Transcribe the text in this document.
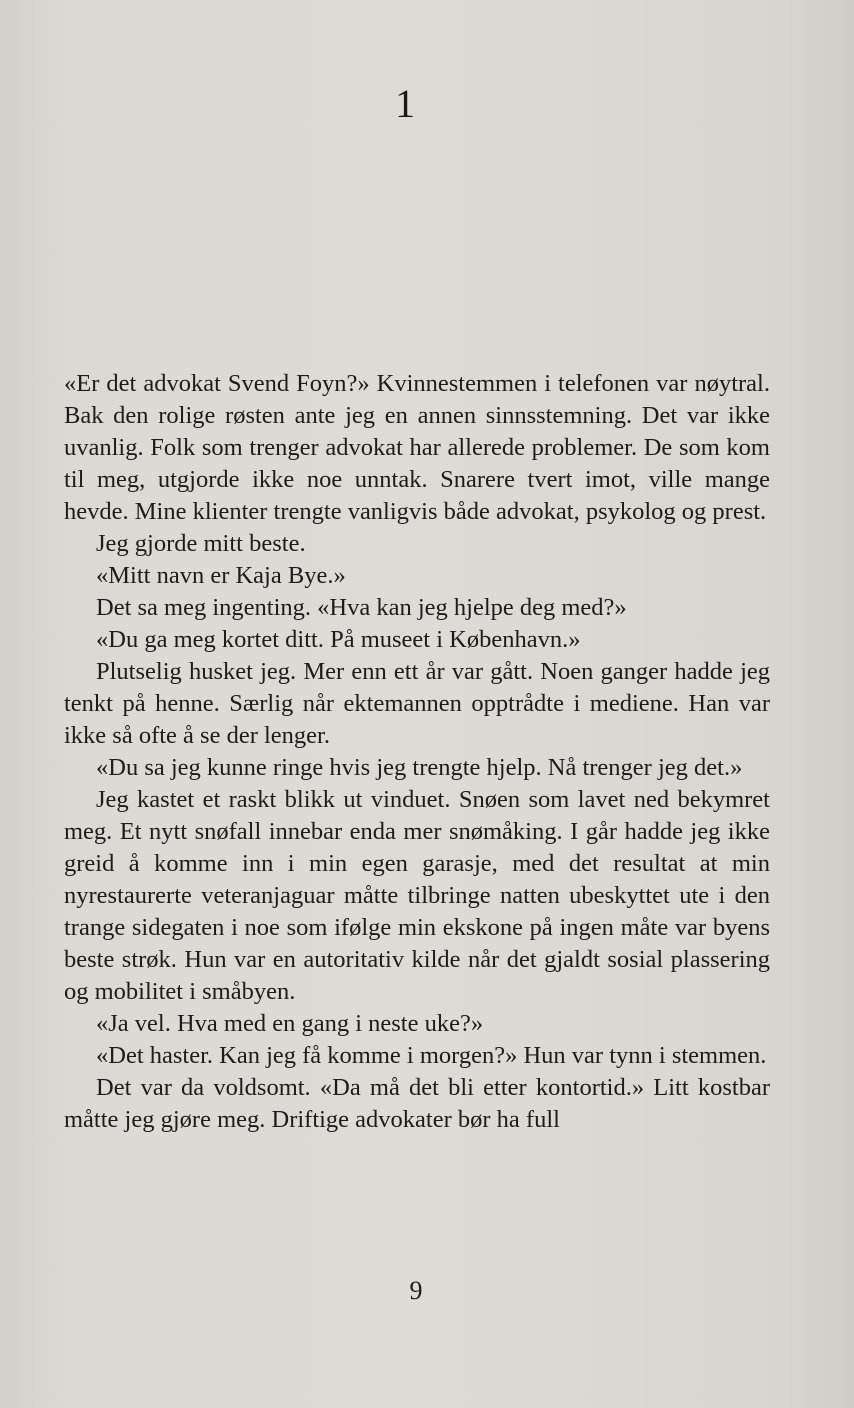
1

«Er det advokat Svend Foyn?» Kvinnestemmen i telefonen var nøytral. Bak den rolige røsten ante jeg en annen sinnsstemning. Det var ikke uvanlig. Folk som trenger advokat har allerede problemer. De som kom til meg, utgjorde ikke noe unntak. Snarere tvert imot, ville mange hevde. Mine klienter trengte vanligvis både advokat, psykolog og prest.

Jeg gjorde mitt beste.

«Mitt navn er Kaja Bye.»

Det sa meg ingenting. «Hva kan jeg hjelpe deg med?»

«Du ga meg kortet ditt. På museet i København.»

Plutselig husket jeg. Mer enn ett år var gått. Noen ganger hadde jeg tenkt på henne. Særlig når ektemannen opptrådte i mediene. Han var ikke så ofte å se der lenger.

«Du sa jeg kunne ringe hvis jeg trengte hjelp. Nå trenger jeg det.»

Jeg kastet et raskt blikk ut vinduet. Snøen som lavet ned bekymret meg. Et nytt snøfall innebar enda mer snømåking. I går hadde jeg ikke greid å komme inn i min egen garasje, med det resultat at min nyrestaurerte veteranjaguar måtte tilbringe natten ubeskyttet ute i den trange sidegaten i noe som ifølge min ekskone på ingen måte var byens beste strøk. Hun var en autoritativ kilde når det gjaldt sosial plassering og mobilitet i småbyen.

«Ja vel. Hva med en gang i neste uke?»

«Det haster. Kan jeg få komme i morgen?» Hun var tynn i stemmen.

Det var da voldsomt. «Da må det bli etter kontortid.» Litt kostbar måtte jeg gjøre meg. Driftige advokater bør ha full

9
